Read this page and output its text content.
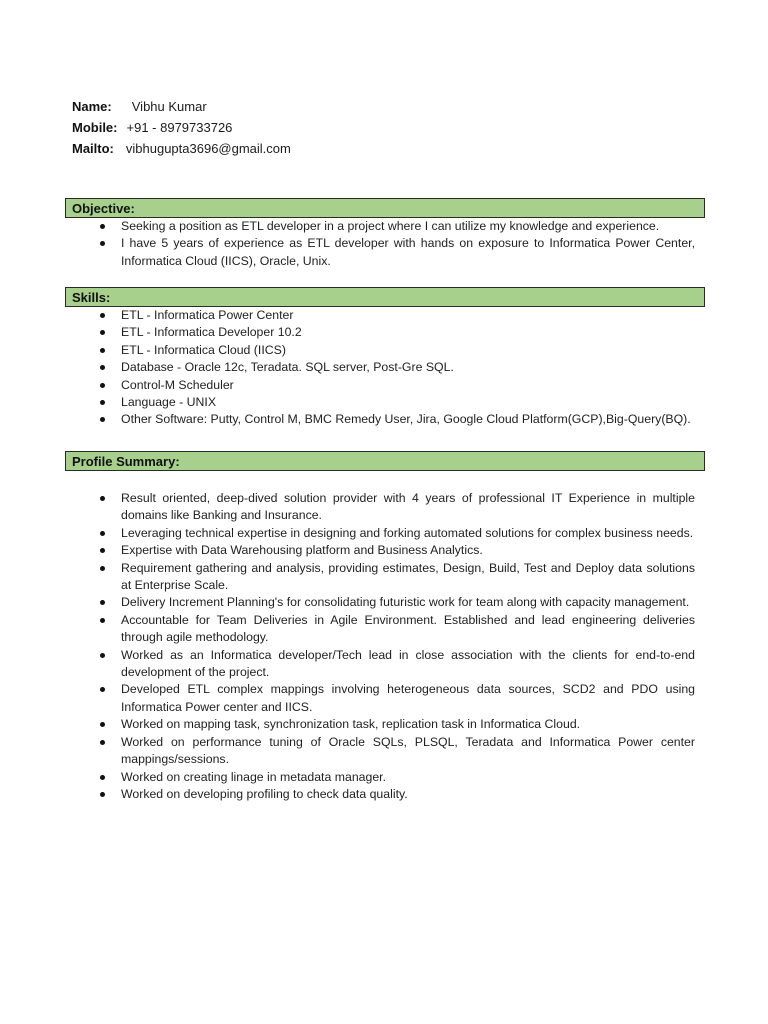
Name: Vibhu Kumar
Mobile: +91 - 8979733726
Mailto: vibhugupta3696@gmail.com
Objective:
Seeking a position as ETL developer in a project where I can utilize my knowledge and experience.
I have 5 years of experience as ETL developer with hands on exposure to Informatica Power Center, Informatica Cloud (IICS), Oracle, Unix.
Skills:
ETL - Informatica Power Center
ETL - Informatica Developer 10.2
ETL - Informatica Cloud (IICS)
Database - Oracle 12c, Teradata. SQL server, Post-Gre SQL.
Control-M Scheduler
Language - UNIX
Other Software: Putty, Control M, BMC Remedy User, Jira, Google Cloud Platform(GCP),Big-Query(BQ).
Profile Summary:
Result oriented, deep-dived solution provider with 4 years of professional IT Experience in multiple domains like Banking and Insurance.
Leveraging technical expertise in designing and forking automated solutions for complex business needs.
Expertise with Data Warehousing platform and Business Analytics.
Requirement gathering and analysis, providing estimates, Design, Build, Test and Deploy data solutions at Enterprise Scale.
Delivery Increment Planning's for consolidating futuristic work for team along with capacity management.
Accountable for Team Deliveries in Agile Environment. Established and lead engineering deliveries through agile methodology.
Worked as an Informatica developer/Tech lead in close association with the clients for end-to-end development of the project.
Developed ETL complex mappings involving heterogeneous data sources, SCD2 and PDO using Informatica Power center and IICS.
Worked on mapping task, synchronization task, replication task in Informatica Cloud.
Worked on performance tuning of Oracle SQLs, PLSQL, Teradata and Informatica Power center mappings/sessions.
Worked on creating linage in metadata manager.
Worked on developing profiling to check data quality.
